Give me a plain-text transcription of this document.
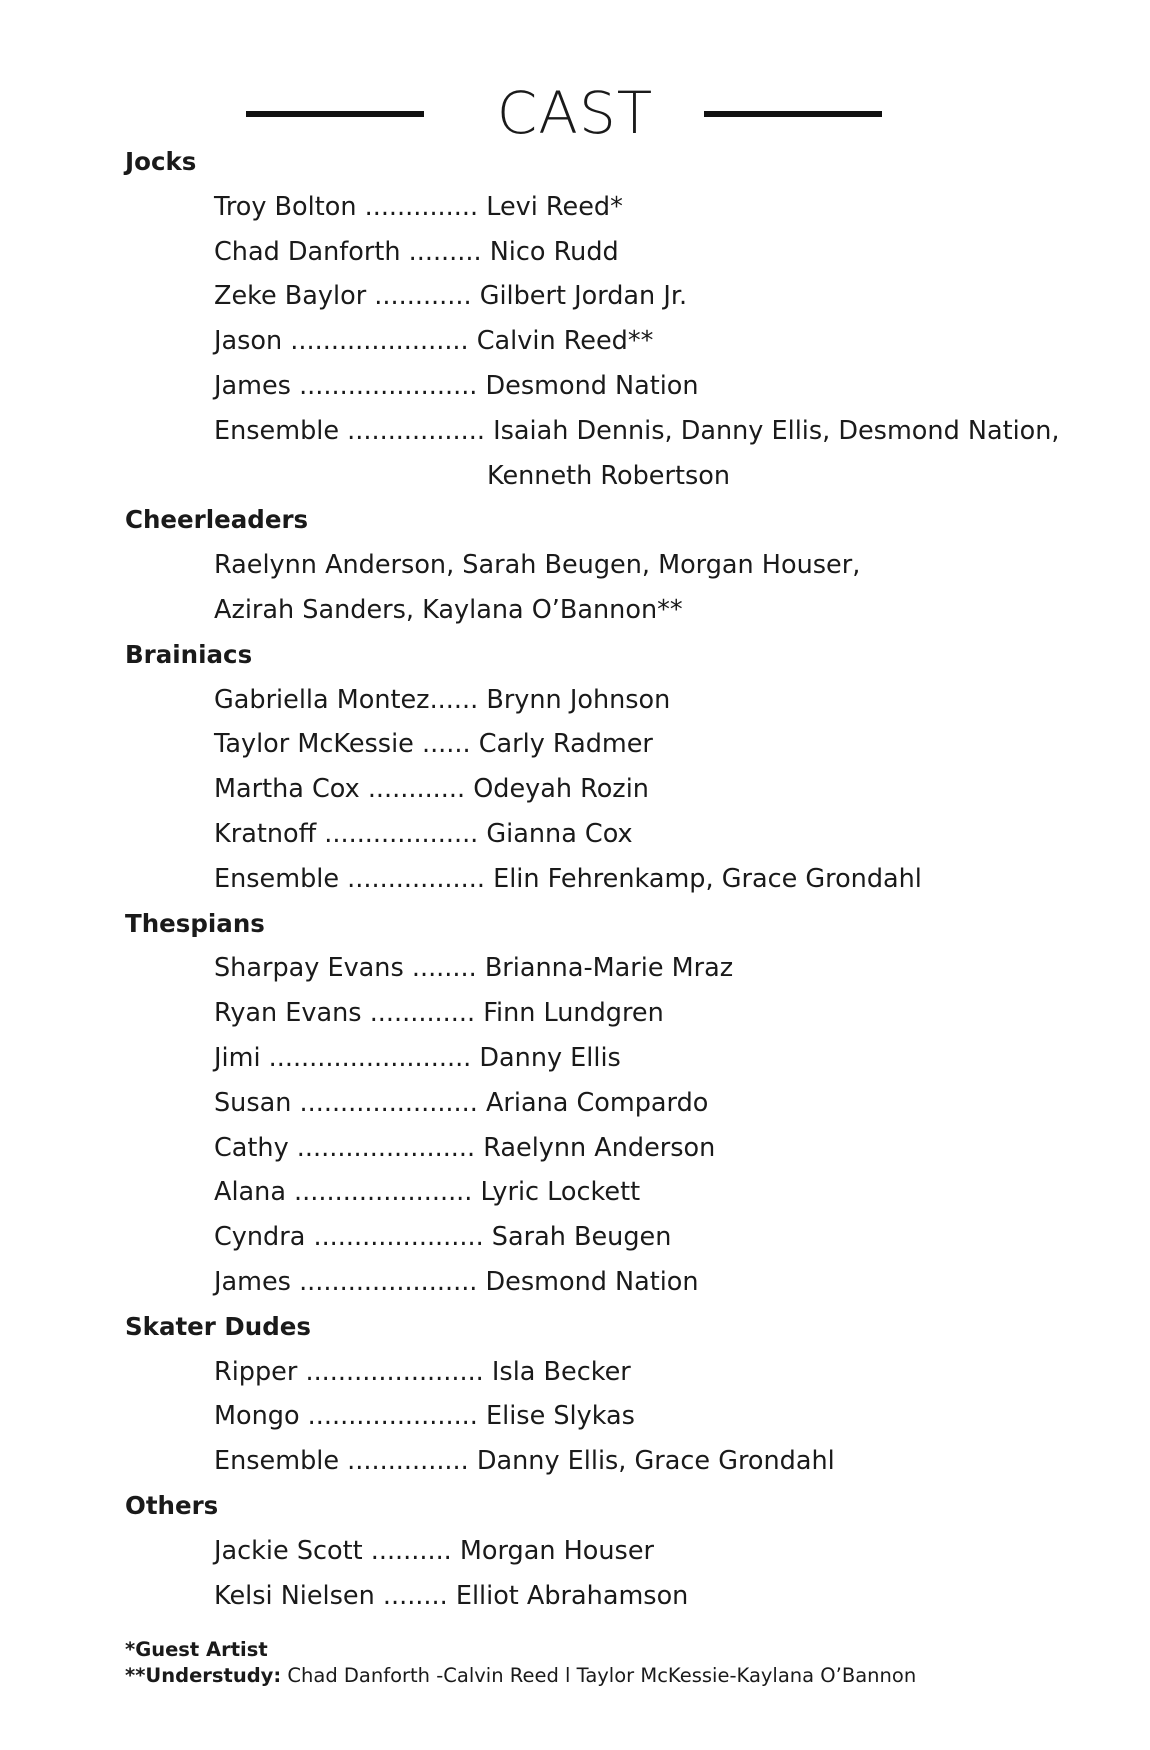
CAST
Jocks
Troy Bolton .............. Levi Reed*
Chad Danforth ......... Nico Rudd
Zeke Baylor ............ Gilbert Jordan Jr.
Jason ...................... Calvin Reed**
James ...................... Desmond Nation
Ensemble ................. Isaiah Dennis, Danny Ellis, Desmond Nation,
Kenneth Robertson
Cheerleaders
Raelynn Anderson, Sarah Beugen, Morgan Houser,
Azirah Sanders, Kaylana O’Bannon**
Brainiacs
Gabriella Montez...... Brynn Johnson
Taylor McKessie ...... Carly Radmer
Martha Cox ............ Odeyah Rozin
Kratnoff ................... Gianna Cox
Ensemble ................. Elin Fehrenkamp, Grace Grondahl
Thespians
Sharpay Evans ........ Brianna-Marie Mraz
Ryan Evans ............. Finn Lundgren
Jimi ......................... Danny Ellis
Susan ...................... Ariana Compardo
Cathy ...................... Raelynn Anderson
Alana ...................... Lyric Lockett
Cyndra ..................... Sarah Beugen
James ...................... Desmond Nation
Skater Dudes
Ripper ...................... Isla Becker
Mongo ..................... Elise Slykas
Ensemble ............... Danny Ellis, Grace Grondahl
Others
Jackie Scott .......... Morgan Houser
Kelsi Nielsen ........ Elliot Abrahamson
*Guest Artist
**Understudy: Chad Danforth -Calvin Reed l Taylor McKessie-Kaylana O’Bannon
